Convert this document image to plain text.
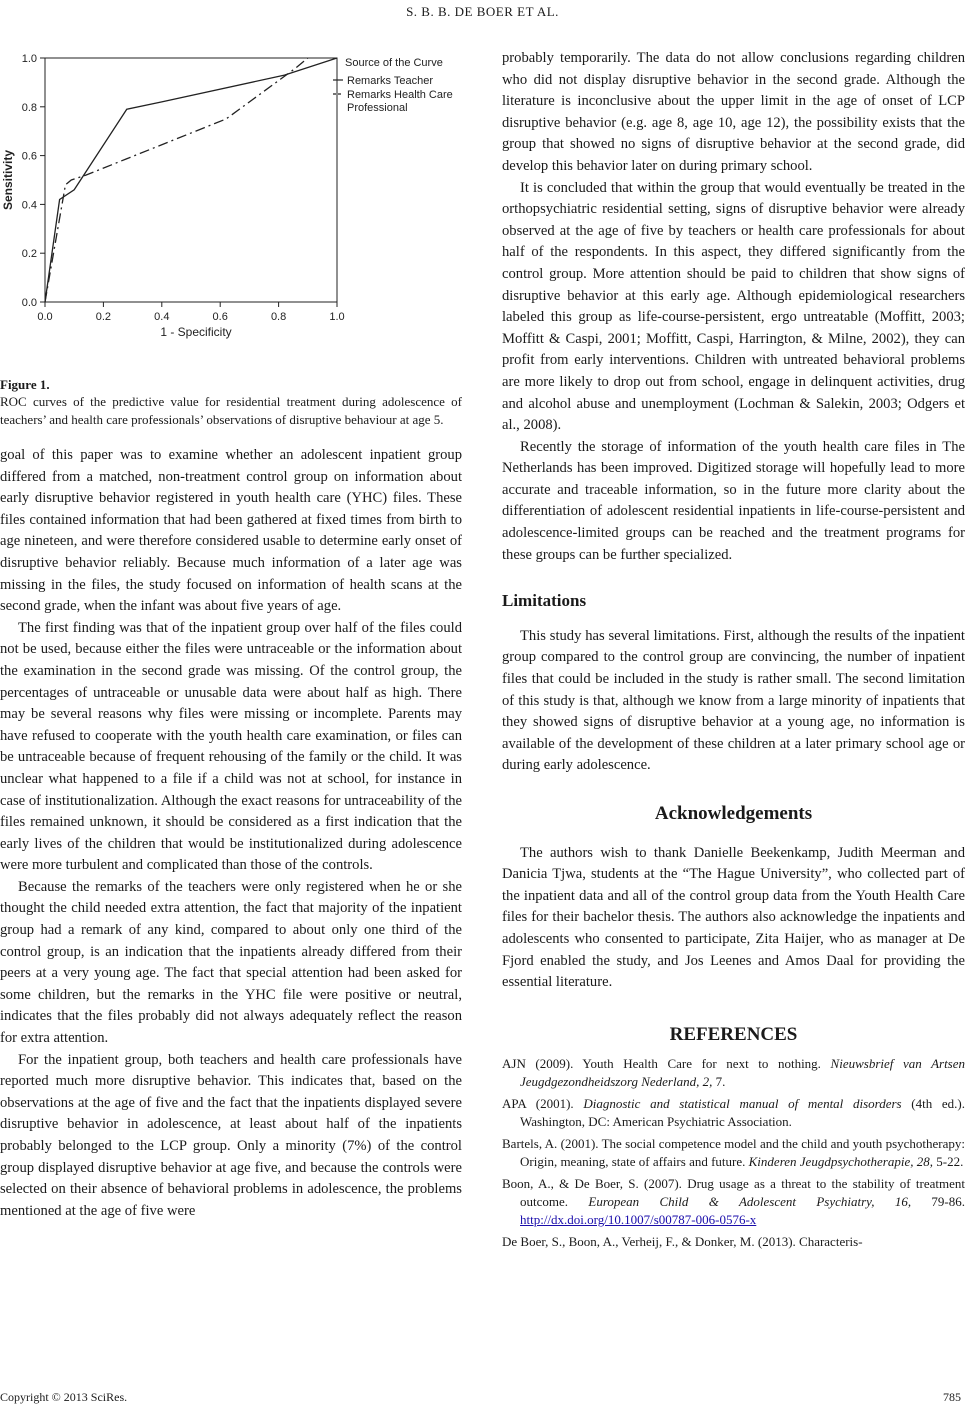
S. B. B. DE BOER ET AL.
0.0	0.2	0.4	0.6	0.8	1.0
0.0
0.2
0.4
0.6
0.8
1.0
1 - Specificity
Sensitivity
Source of the Curve
Remarks Teacher
Remarks Health Care
Professional
Figure 1.
ROC curves of the predictive value for residential treatment during adolescence of teachers’ and health care professionals’ observations of disruptive behaviour at age 5.

goal of this paper was to examine whether an adolescent inpatient group differed from a matched, non-treatment control group on information about early disruptive behavior registered in youth health care (YHC) files. These files contained information that had been gathered at fixed times from birth to age nineteen, and were therefore considered usable to determine early onset of disruptive behavior reliably. Because much information of a later age was missing in the files, the study focused on information of health scans at the second grade, when the infant was about five years of age.

The first finding was that of the inpatient group over half of the files could not be used, because either the files were untraceable or the information about the examination in the second grade was missing. Of the control group, the percentages of untraceable or unusable data were about half as high. There may be several reasons why files were missing or incomplete. Parents may have refused to cooperate with the youth health care examination, or files can be untraceable because of frequent rehousing of the family or the child. It was unclear what happened to a file if a child was not at school, for instance in case of institutionalization. Although the exact reasons for untraceability of the files remained unknown, it should be considered as a first indication that the early lives of the children that would be institutionalized during adolescence were more turbulent and complicated than those of the controls.

Because the remarks of the teachers were only registered when he or she thought the child needed extra attention, the fact that majority of the inpatient group had a remark of any kind, compared to about only one third of the control group, is an indication that the inpatients already differed from their peers at a very young age. The fact that special attention had been asked for some children, but the remarks in the YHC file were positive or neutral, indicates that the files probably did not always adequately reflect the reason for extra attention.

For the inpatient group, both teachers and health care professionals have reported much more disruptive behavior. This indicates that, based on the observations at the age of five and the fact that the inpatients displayed severe disruptive behavior in adolescence, at least about half of the inpatients probably belonged to the LCP group. Only a minority (7%) of the control group displayed disruptive behavior at age five, and because the controls were selected on their absence of behavioral problems in adolescence, the problems mentioned at the age of five were

probably temporarily. The data do not allow conclusions regarding children who did not display disruptive behavior in the second grade. Although the literature is inconclusive about the upper limit in the age of onset of LCP disruptive behavior (e.g. age 8, age 10, age 12), the possibility exists that the group that showed no signs of disruptive behavior at the second grade, did develop this behavior later on during primary school.

It is concluded that within the group that would eventually be treated in the orthopsychiatric residential setting, signs of disruptive behavior were already observed at the age of five by teachers or health care professionals for about half of the respondents. In this aspect, they differed significantly from the control group. More attention should be paid to children that show signs of disruptive behavior at this early age. Although epidemiological researchers labeled this group as life-course-persistent, ergo untreatable (Moffitt, 2003; Moffitt & Caspi, 2001; Moffitt, Caspi, Harrington, & Milne, 2002), they can profit from early interventions. Children with untreated behavioral problems are more likely to drop out from school, engage in delinquent activities, drug and alcohol abuse and unemployment (Lochman & Salekin, 2003; Odgers et al., 2008).

Recently the storage of information of the youth health care files in The Netherlands has been improved. Digitized storage will hopefully lead to more accurate and traceable information, so in the future more clarity about the differentiation of adolescent residential inpatients in life-course-persistent and adolescence-limited groups can be reached and the treatment programs for these groups can be further specialized.

Limitations

This study has several limitations. First, although the results of the inpatient group compared to the control group are convincing, the number of inpatient files that could be included in the study is rather small. The second limitation of this study is that, although we know from a large minority of inpatients that they showed signs of disruptive behavior at a young age, no information is available of the development of these children at a later primary school age or during early adolescence.

Acknowledgements

The authors wish to thank Danielle Beekenkamp, Judith Meerman and Danicia Tjwa, students at the “The Hague University”, who collected part of the inpatient data and all of the control group data from the Youth Health Care files for their bachelor thesis. The authors also acknowledge the inpatients and adolescents who consented to participate, Zita Haijer, who as manager at De Fjord enabled the study, and Jos Leenes and Amos Daal for providing the essential literature.

REFERENCES
AJN (2009). Youth Health Care for next to nothing. Nieuwsbrief van Artsen Jeugdgezondheidszorg Nederland, 2, 7.
APA (2001). Diagnostic and statistical manual of mental disorders (4th ed.). Washington, DC: American Psychiatric Association.
Bartels, A. (2001). The social competence model and the child and youth psychotherapy: Origin, meaning, state of affairs and future. Kinderen Jeugdpsychotherapie, 28, 5-22.
Boon, A., & De Boer, S. (2007). Drug usage as a threat to the stability of treatment outcome. European Child & Adolescent Psychiatry, 16, 79-86. http://dx.doi.org/10.1007/s00787-006-0576-x
De Boer, S., Boon, A., Verheij, F., & Donker, M. (2013). Characteris-
Copyright © 2013 SciRes.	785
